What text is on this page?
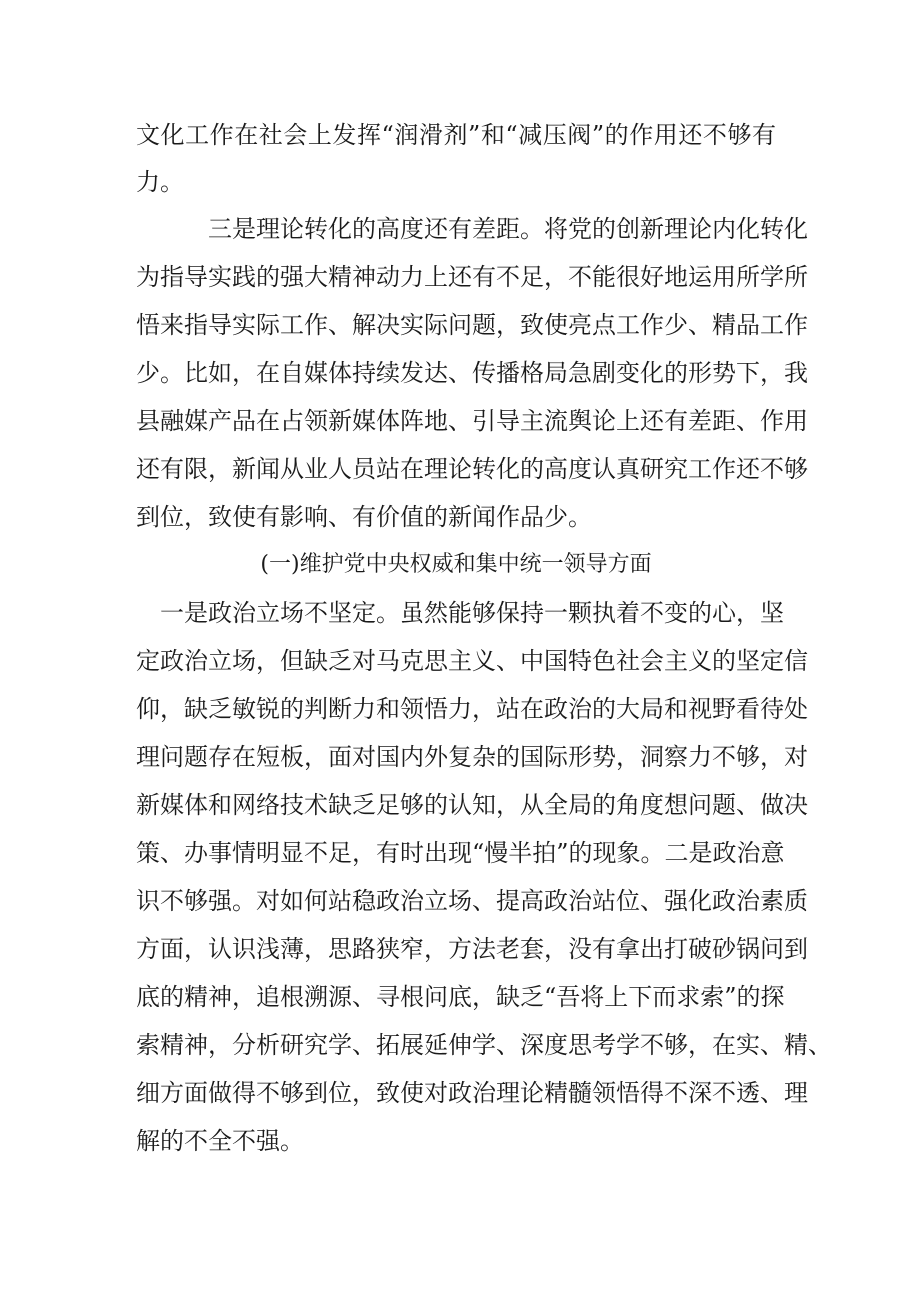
文化工作在社会上发挥“润滑剂”和“减压阀”的作用还不够有
力。
三是理论转化的高度还有差距。将党的创新理论内化转化
为指导实践的强大精神动力上还有不足，不能很好地运用所学所
悟来指导实际工作、解决实际问题，致使亮点工作少、精品工作
少。比如，在自媒体持续发达、传播格局急剧变化的形势下，我
县融媒产品在占领新媒体阵地、引导主流舆论上还有差距、作用
还有限，新闻从业人员站在理论转化的高度认真研究工作还不够
到位，致使有影响、有价值的新闻作品少。
(一)维护党中央权威和集中统一领导方面
一是政治立场不坚定。虽然能够保持一颗执着不变的心，坚
定政治立场，但缺乏对马克思主义、中国特色社会主义的坚定信
仰，缺乏敏锐的判断力和领悟力，站在政治的大局和视野看待处
理问题存在短板，面对国内外复杂的国际形势，洞察力不够，对
新媒体和网络技术缺乏足够的认知，从全局的角度想问题、做决
策、办事情明显不足，有时出现“慢半拍”的现象。二是政治意
识不够强。对如何站稳政治立场、提高政治站位、强化政治素质
方面，认识浅薄，思路狭窄，方法老套，没有拿出打破砂锅问到
底的精神，追根溯源、寻根问底，缺乏“吾将上下而求索”的探
索精神，分析研究学、拓展延伸学、深度思考学不够，在实、精、
细方面做得不够到位，致使对政治理论精髓领悟得不深不透、理
解的不全不强。
